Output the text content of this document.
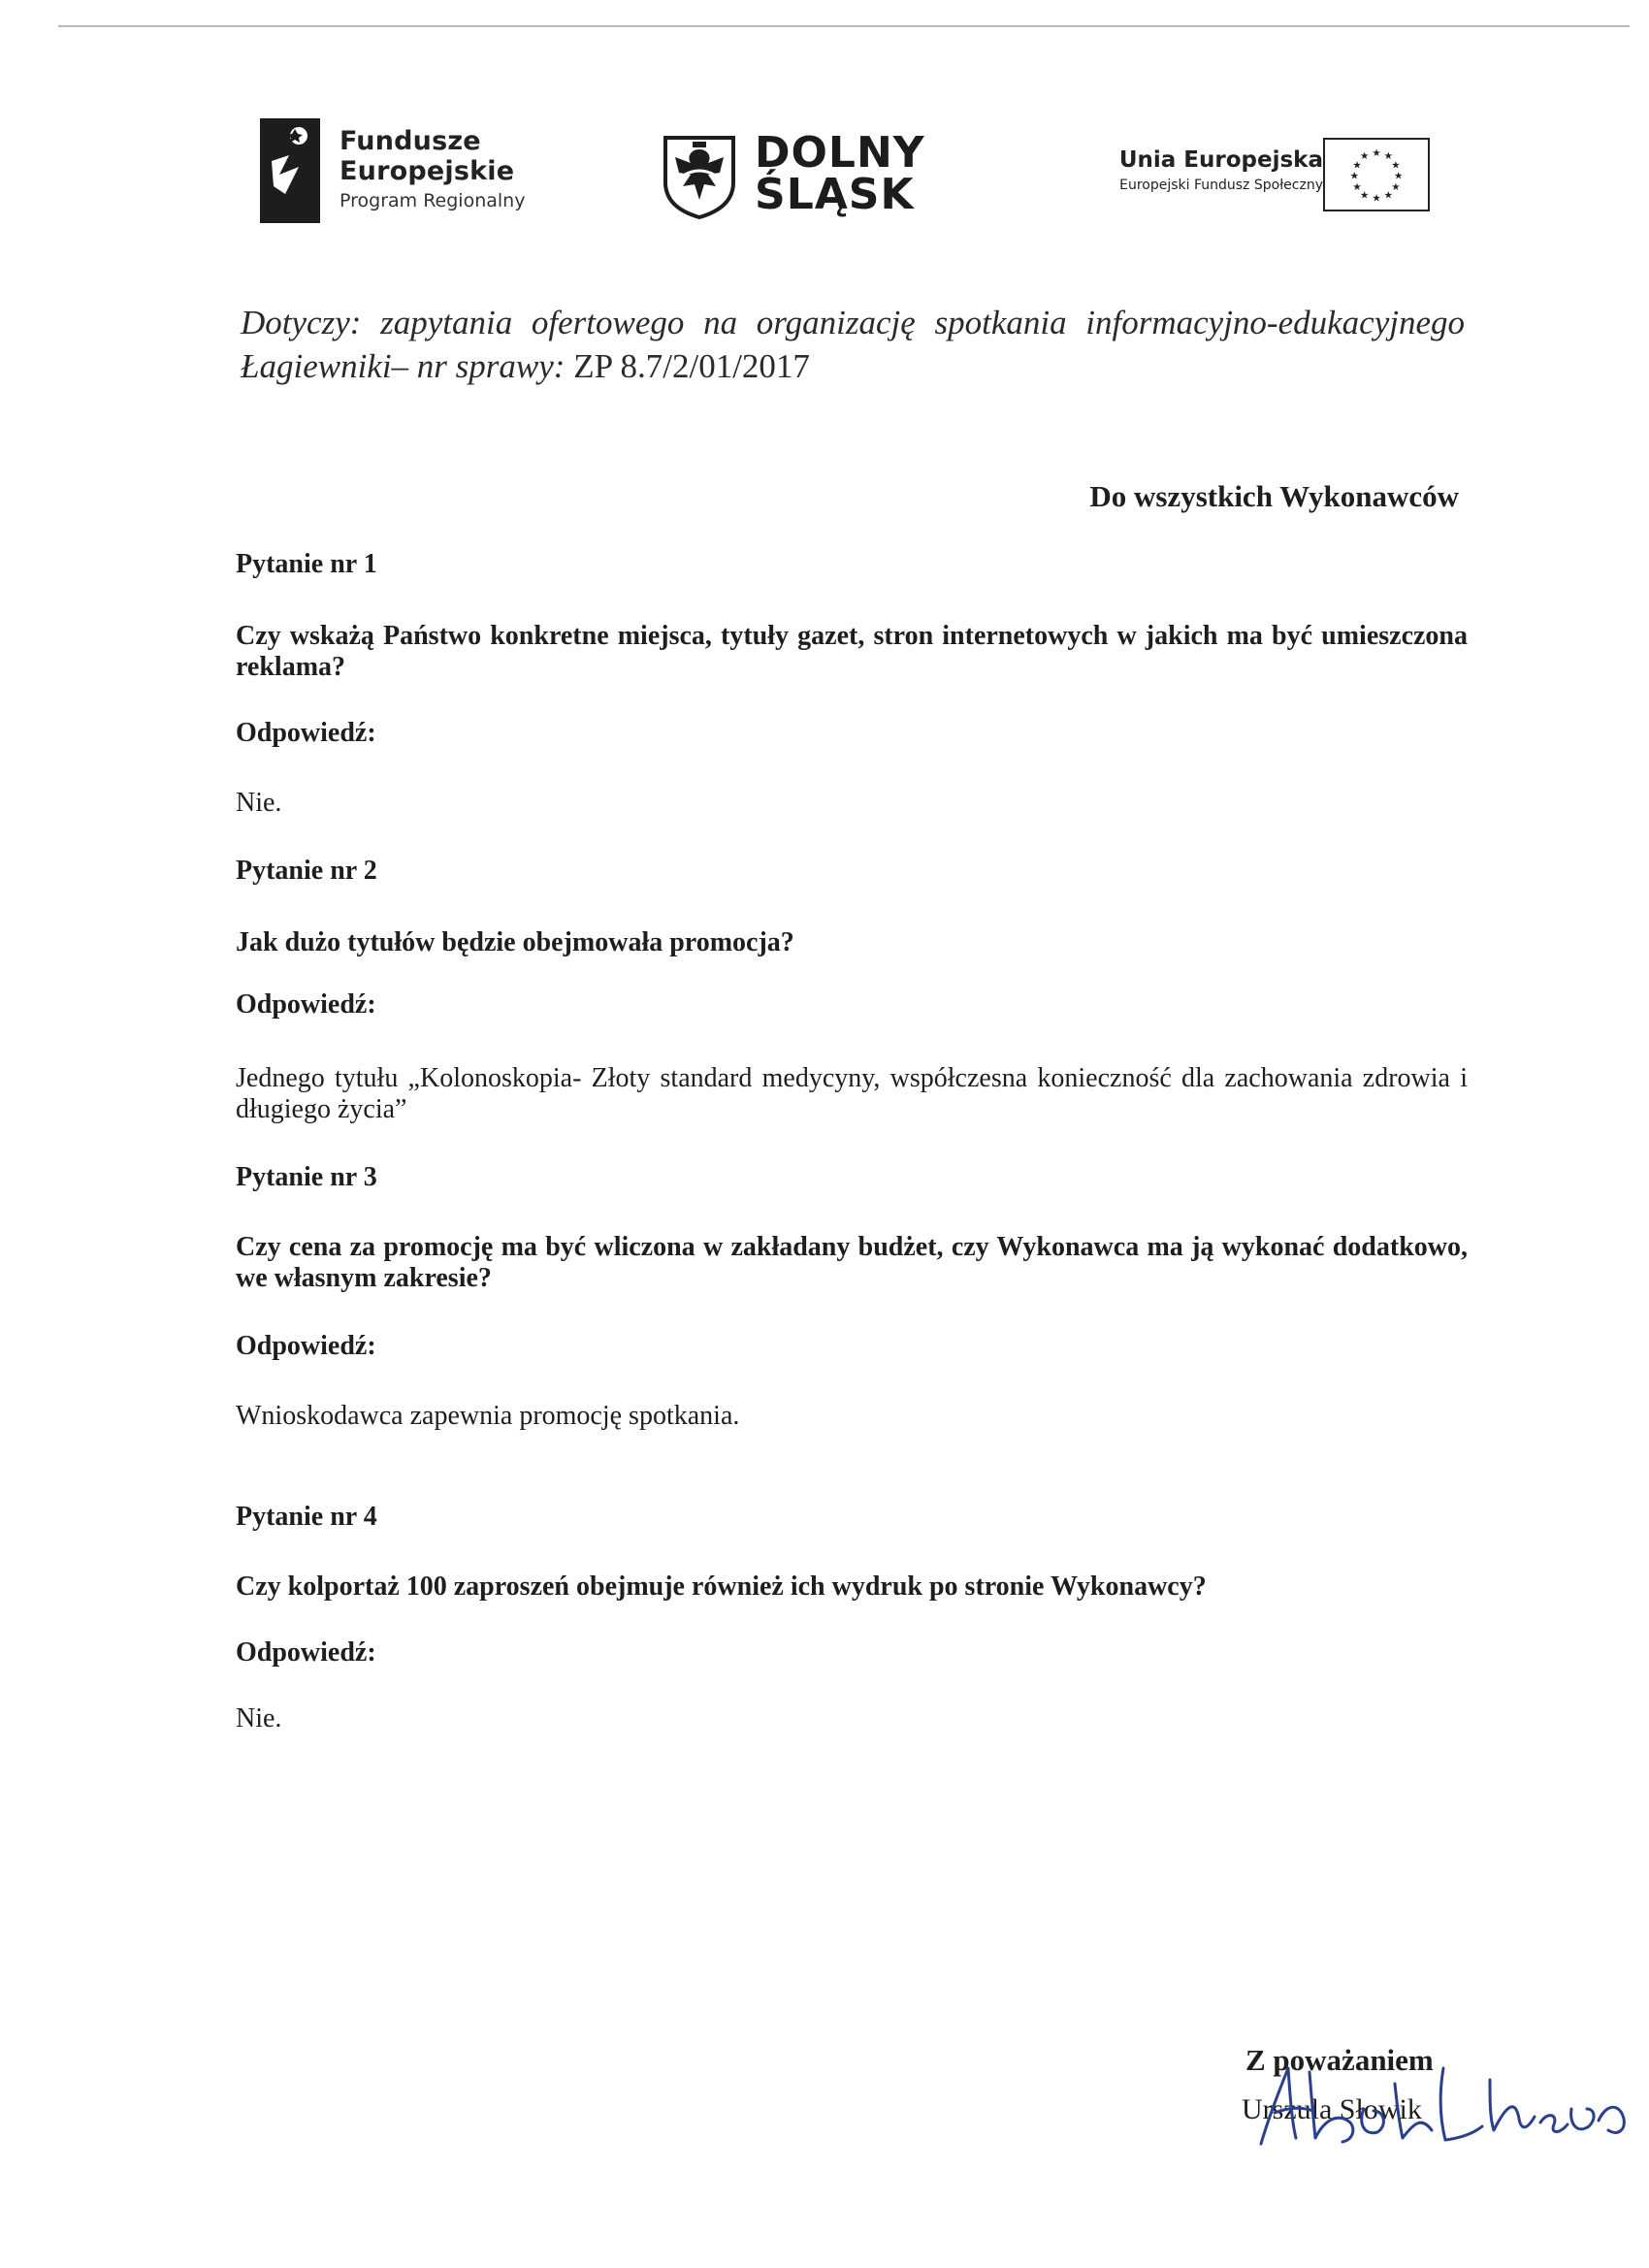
Fundusze
Europejskie
Program Regionalny
DOLNY
ŚLĄSK
Unia Europejska
Europejski Fundusz Społeczny
★ ★
★
★
★
★
★
★
★
★
★
★
Dotyczy: zapytania ofertowego na organizację spotkania informacyjno-edukacyjnego Łagiewniki– nr sprawy: ZP 8.7/2/01/2017
Do wszystkich Wykonawców
Pytanie nr 1
Czy wskażą Państwo konkretne miejsca, tytuły gazet, stron internetowych w jakich ma być umieszczona reklama?
Odpowiedź:
Nie.
Pytanie nr 2
Jak dużo tytułów będzie obejmowała promocja?
Odpowiedź:
Jednego tytułu „Kolonoskopia- Złoty standard medycyny, współczesna konieczność dla zachowania zdrowia i długiego życia”
Pytanie nr 3
Czy cena za promocję ma być wliczona w zakładany budżet, czy Wykonawca ma ją wykonać dodatkowo, we własnym zakresie?
Odpowiedź:
Wnioskodawca zapewnia promocję spotkania.
Pytanie nr 4
Czy kolportaż 100 zaproszeń obejmuje również ich wydruk po stronie Wykonawcy?
Odpowiedź:
Nie.
Z poważaniem
Urszula Słowik
